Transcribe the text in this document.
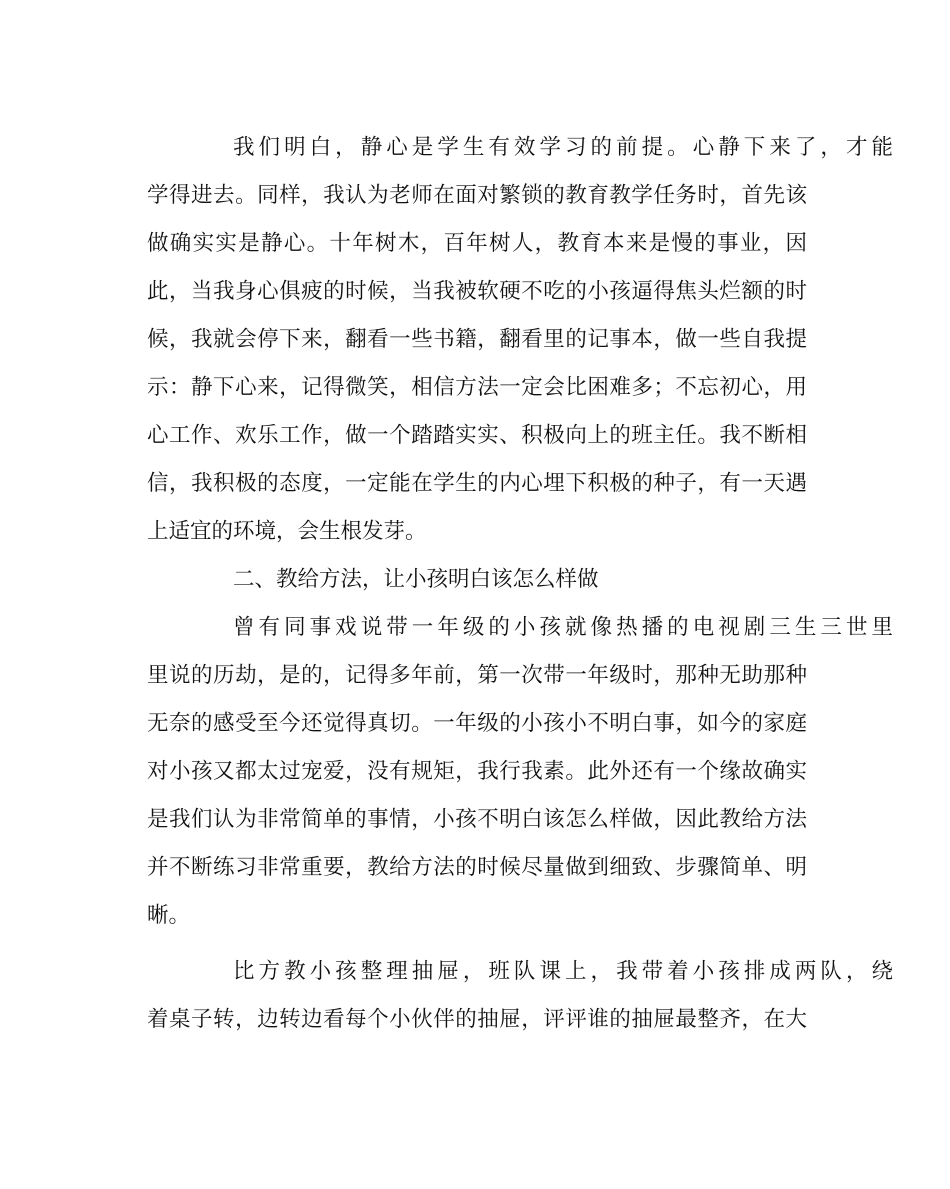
我们明白，静心是学生有效学习的前提。心静下来了，才能
学得进去。同样，我认为老师在面对繁锁的教育教学任务时，首先该
做确实实是静心。十年树木，百年树人，教育本来是慢的事业，因
此，当我身心俱疲的时候，当我被软硬不吃的小孩逼得焦头烂额的时
候，我就会停下来，翻看一些书籍，翻看里的记事本，做一些自我提
示：静下心来，记得微笑，相信方法一定会比困难多；不忘初心，用
心工作、欢乐工作，做一个踏踏实实、积极向上的班主任。我不断相
信，我积极的态度，一定能在学生的内心埋下积极的种子，有一天遇
上适宜的环境，会生根发芽。
二、教给方法，让小孩明白该怎么样做
曾有同事戏说带一年级的小孩就像热播的电视剧三生三世里
里说的历劫，是的，记得多年前，第一次带一年级时，那种无助那种
无奈的感受至今还觉得真切。一年级的小孩小不明白事，如今的家庭
对小孩又都太过宠爱，没有规矩，我行我素。此外还有一个缘故确实
是我们认为非常简单的事情，小孩不明白该怎么样做，因此教给方法
并不断练习非常重要，教给方法的时候尽量做到细致、步骤简单、明
晰。
比方教小孩整理抽屉，班队课上，我带着小孩排成两队，绕
着桌子转，边转边看每个小伙伴的抽屉，评评谁的抽屉最整齐，在大
